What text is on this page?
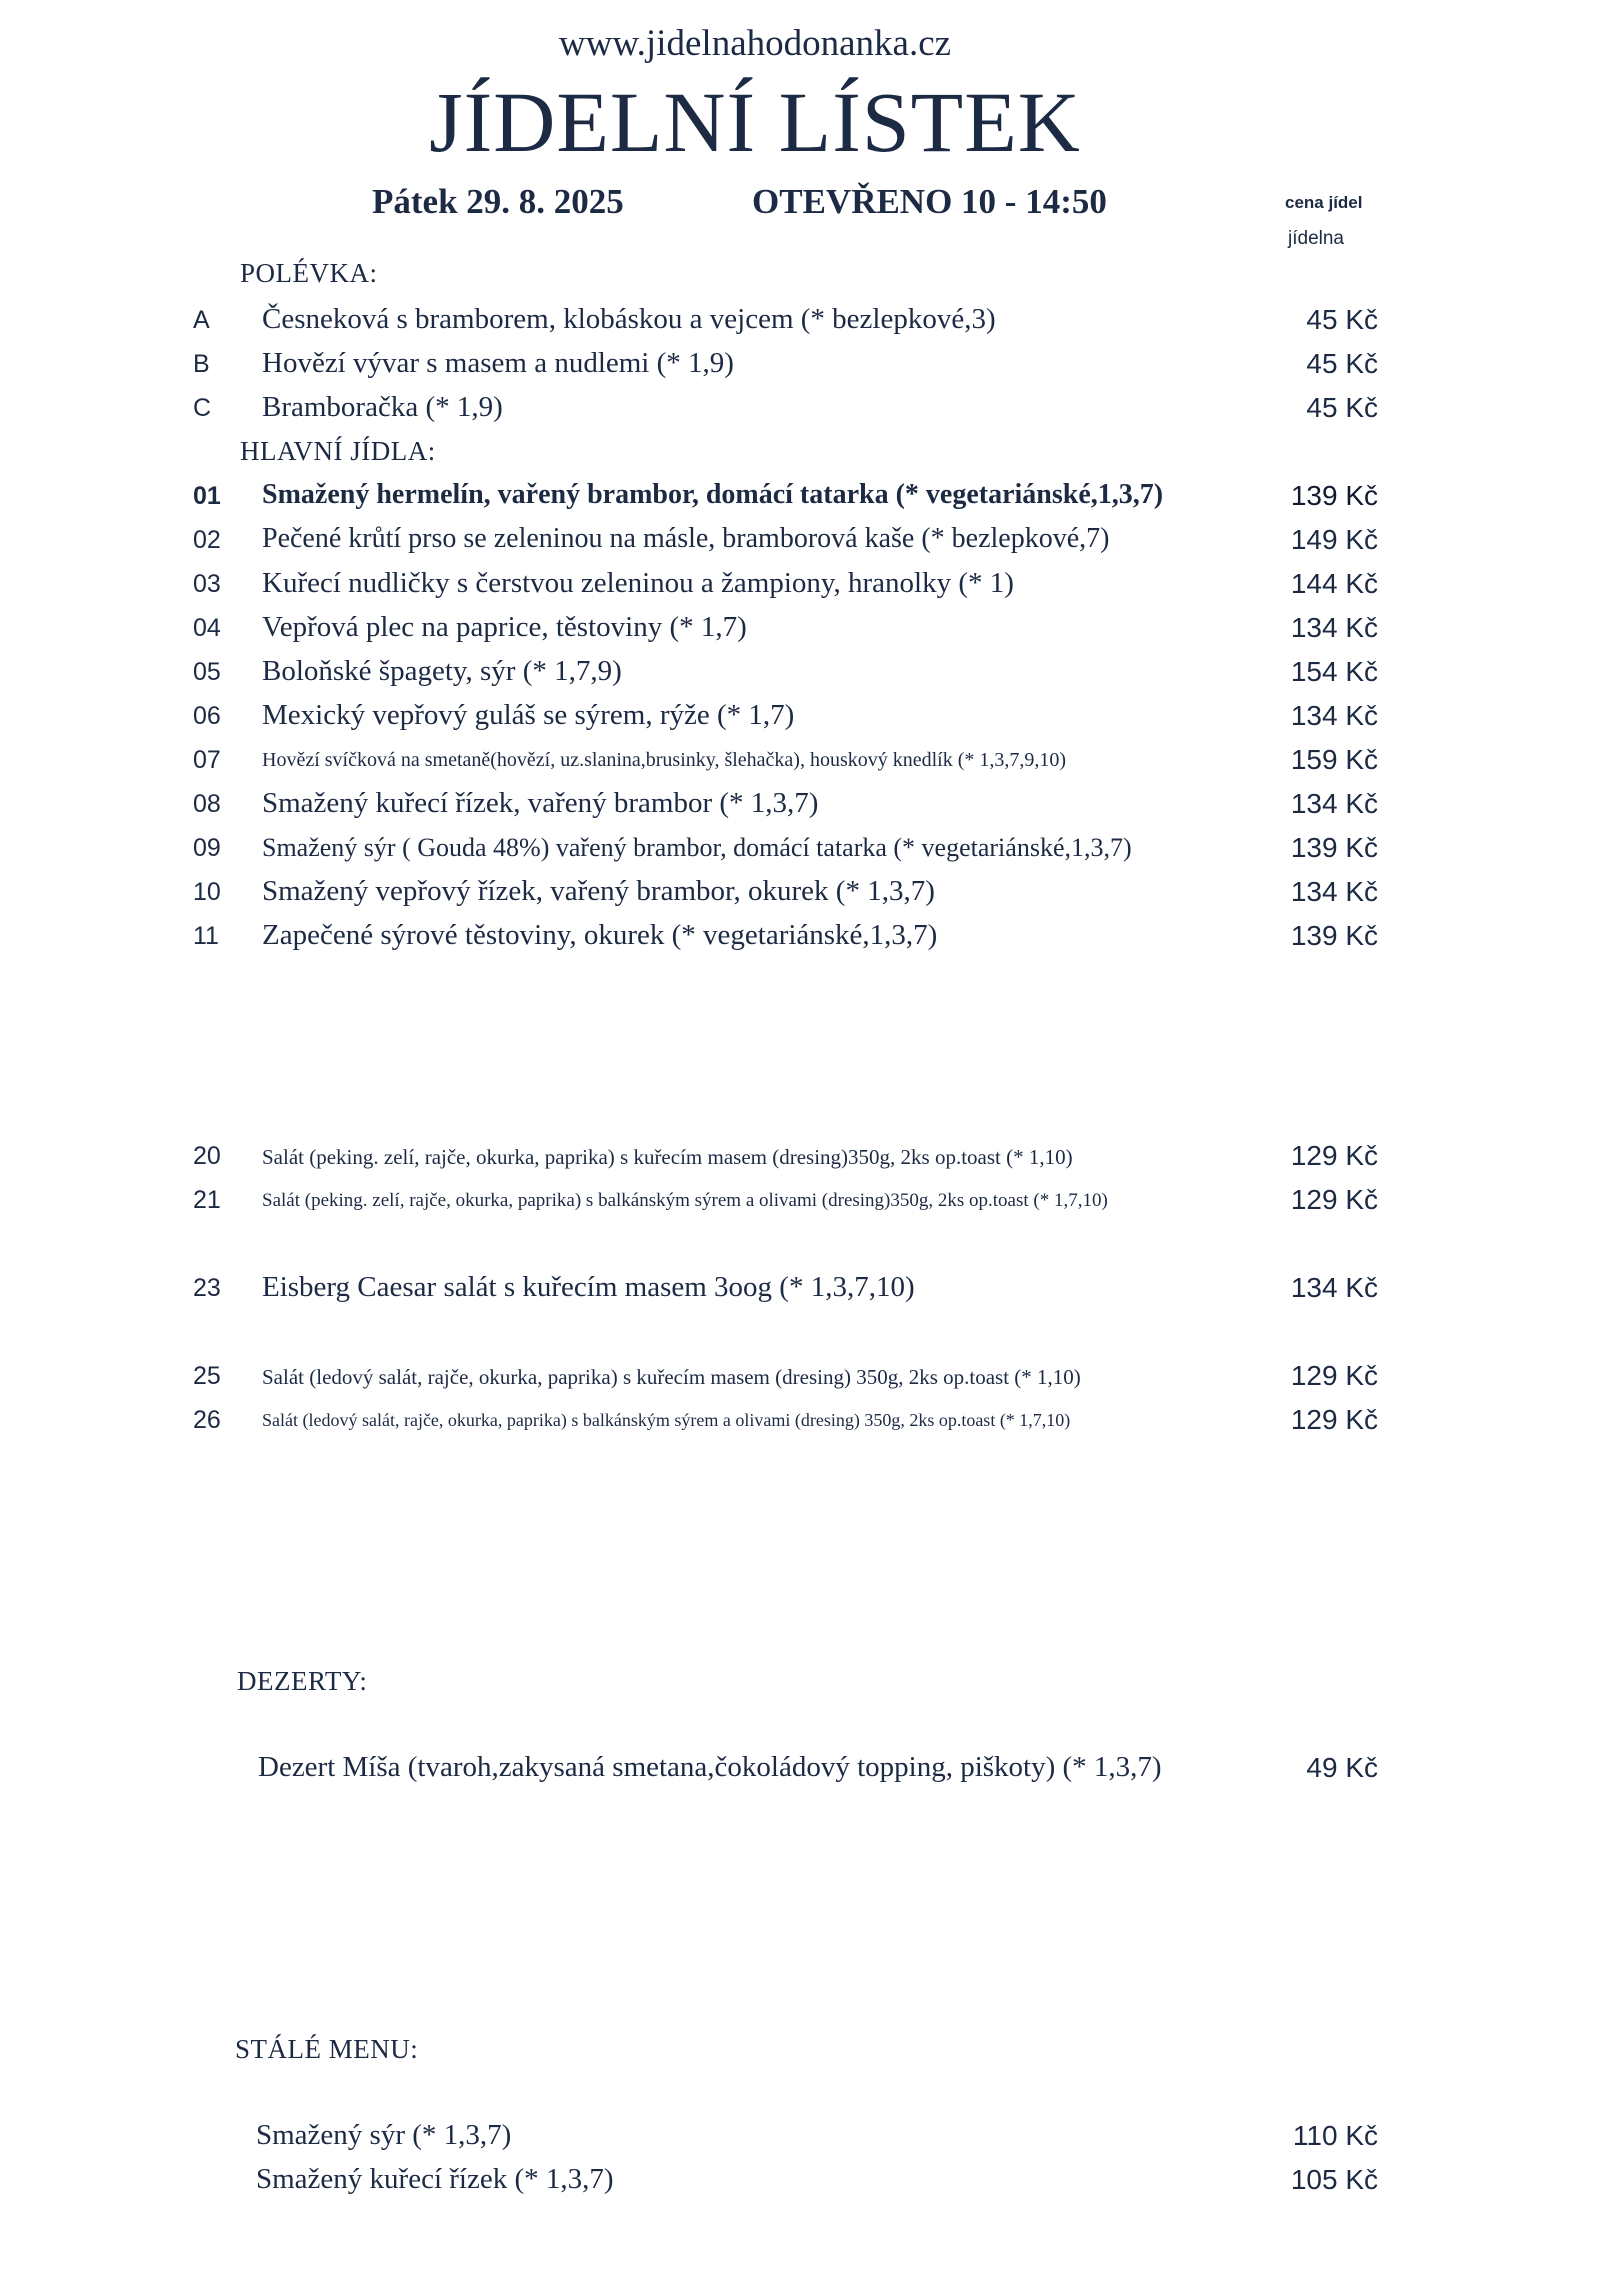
www.jidelnahodonanka.cz
JÍDELNÍ LÍSTEK
Pátek 29. 8. 2025	OTEVŘENO 10 - 14:50	cena jídel
jídelna
POLÉVKA:
A	Česneková s bramborem, klobáskou a vejcem (* bezlepkové,3)	45 Kč
B	Hovězí vývar s masem a nudlemi (* 1,9)	45 Kč
C	Bramboračka (* 1,9)	45 Kč
HLAVNÍ JÍDLA:
01	Smažený hermelín, vařený brambor, domácí tatarka (* vegetariánské,1,3,7)	139 Kč
02	Pečené krůtí prso se zeleninou na másle, bramborová kaše (* bezlepkové,7)	149 Kč
03	Kuřecí nudličky s čerstvou zeleninou a žampiony, hranolky (* 1)	144 Kč
04	Vepřová plec na paprice, těstoviny (* 1,7)	134 Kč
05	Boloňské špagety, sýr (* 1,7,9)	154 Kč
06	Mexický vepřový guláš se sýrem, rýže (* 1,7)	134 Kč
07	Hovězí svíčková na smetaně(hovězí, uz.slanina,brusinky, šlehačka), houskový knedlík (* 1,3,7,9,10)	159 Kč
08	Smažený kuřecí řízek, vařený brambor (* 1,3,7)	134 Kč
09	Smažený sýr ( Gouda 48%) vařený brambor, domácí tatarka (* vegetariánské,1,3,7)	139 Kč
10	Smažený vepřový řízek, vařený brambor, okurek (* 1,3,7)	134 Kč
11	Zapečené sýrové těstoviny, okurek (* vegetariánské,1,3,7)	139 Kč
20	Salát (peking. zelí, rajče, okurka, paprika) s kuřecím masem (dresing)350g, 2ks op.toast (* 1,10)	129 Kč
21	Salát (peking. zelí, rajče, okurka, paprika) s balkánským sýrem a olivami (dresing)350g, 2ks op.toast (* 1,7,10)	129 Kč
23	Eisberg Caesar salát s kuřecím masem 3oog (* 1,3,7,10)	134 Kč
25	Salát (ledový salát, rajče, okurka, paprika) s kuřecím masem (dresing) 350g, 2ks op.toast (* 1,10)	129 Kč
26	Salát (ledový salát, rajče, okurka, paprika) s balkánským sýrem a olivami (dresing) 350g, 2ks op.toast (* 1,7,10)	129 Kč
DEZERTY:
Dezert Míša (tvaroh,zakysaná smetana,čokoládový topping, piškoty) (* 1,3,7)	49 Kč
STÁLÉ MENU:
Smažený sýr (* 1,3,7)	110 Kč
Smažený kuřecí řízek (* 1,3,7)	105 Kč
